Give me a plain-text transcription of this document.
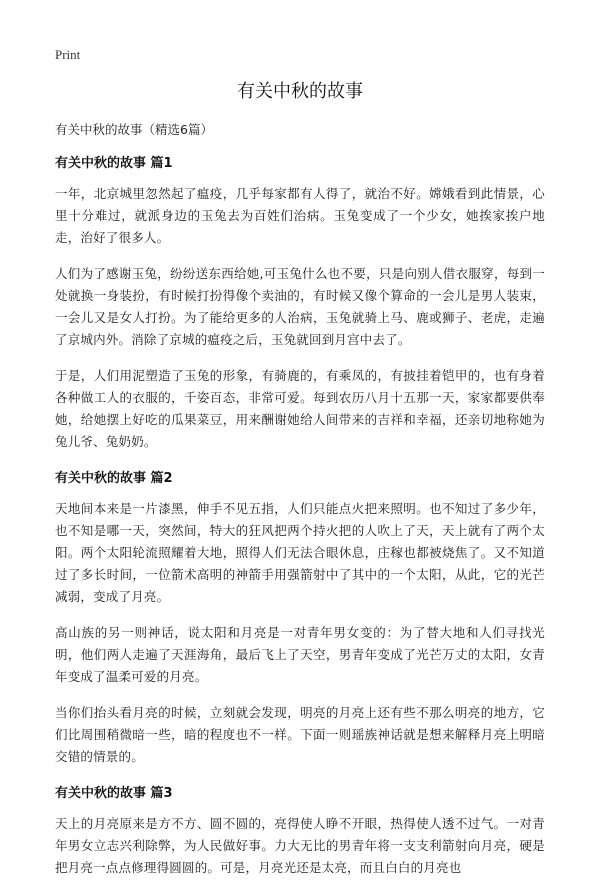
Print
有关中秋的故事
有关中秋的故事（精选6篇）
有关中秋的故事 篇1

一年，北京城里忽然起了瘟疫，几乎每家都有人得了，就治不好。嫦娥看到此情景，心里十分难过，就派身边的玉兔去为百姓们治病。玉兔变成了一个少女，她挨家挨户地走，治好了很多人。

人们为了感谢玉兔，纷纷送东西给她,可玉兔什么也不要，只是向别人借衣服穿，每到一处就换一身装扮，有时候打扮得像个卖油的，有时候又像个算命的一会儿是男人装束，一会儿又是女人打扮。为了能给更多的人治病，玉兔就骑上马、鹿或狮子、老虎，走遍了京城内外。消除了京城的瘟疫之后，玉兔就回到月宫中去了。

于是，人们用泥塑造了玉兔的形象，有骑鹿的，有乘凤的，有披挂着铠甲的，也有身着各种做工人的衣服的，千姿百态，非常可爱。每到农历八月十五那一天，家家都要供奉她，给她摆上好吃的瓜果菜豆，用来酬谢她给人间带来的吉祥和幸福，还亲切地称她为兔儿爷、兔奶奶。

有关中秋的故事 篇2

天地间本来是一片漆黑，伸手不见五指，人们只能点火把来照明。也不知过了多少年，也不知是哪一天，突然间，特大的狂风把两个持火把的人吹上了天，天上就有了两个太阳。两个太阳轮流照耀着大地，照得人们无法合眼休息，庄稼也都被烧焦了。又不知道过了多长时间，一位箭术高明的神箭手用强箭射中了其中的一个太阳，从此，它的光芒减弱，变成了月亮。

高山族的另一则神话，说太阳和月亮是一对青年男女变的：为了替大地和人们寻找光明，他们两人走遍了天涯海角，最后飞上了天空，男青年变成了光芒万丈的太阳，女青年变成了温柔可爱的月亮。

当你们抬头看月亮的时候，立刻就会发现，明亮的月亮上还有些不那么明亮的地方，它们比周围稍微暗一些，暗的程度也不一样。下面一则瑶族神话就是想来解释月亮上明暗交错的情景的。

有关中秋的故事 篇3

天上的月亮原来是方不方、圆不圆的，亮得使人睁不开眼，热得使人透不过气。一对青年男女立志兴利除弊，为人民做好事。力大无比的男青年将一支支利箭射向月亮，硬是把月亮一点点修理得圆圆的。可是，月亮光还是太亮，而且白白的月亮也
